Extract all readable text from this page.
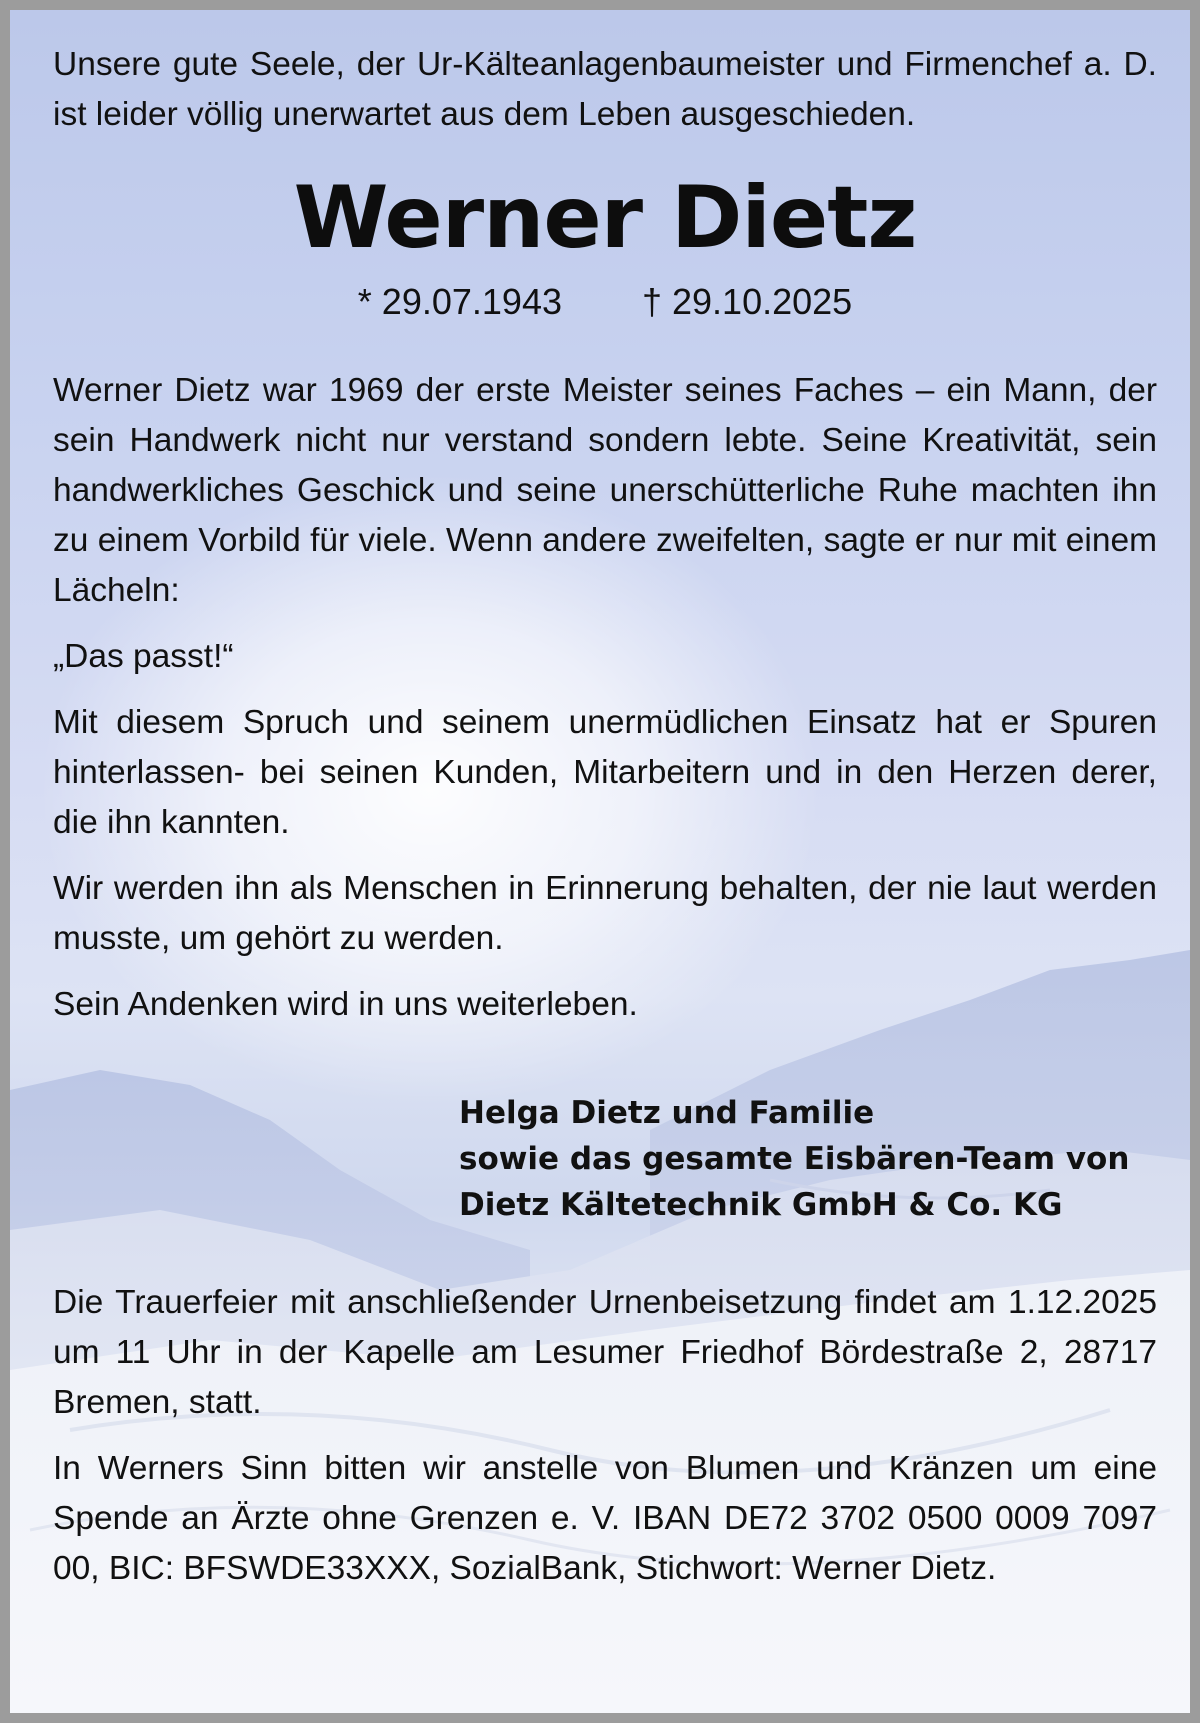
Unsere gute Seele, der Ur-Kälteanlagenbaumeister und Firmenchef a. D. ist leider völlig unerwartet aus dem Leben ausgeschieden.

Werner Dietz
* 29.07.1943 † 29.10.2025

Werner Dietz war 1969 der erste Meister seines Faches – ein Mann, der sein Handwerk nicht nur verstand sondern lebte. Seine Kreativität, sein handwerkliches Geschick und seine unerschütterliche Ruhe machten ihn zu einem Vorbild für viele. Wenn andere zweifelten, sagte er nur mit einem Lächeln:

„Das passt!“

Mit diesem Spruch und seinem unermüdlichen Einsatz hat er Spuren hinterlassen- bei seinen Kunden, Mitarbeitern und in den Herzen derer, die ihn kannten.

Wir werden ihn als Menschen in Erinnerung behalten, der nie laut werden musste, um gehört zu werden.

Sein Andenken wird in uns weiterleben.

Helga Dietz und Familie
sowie das gesamte Eisbären-Team von
Dietz Kältetechnik GmbH & Co. KG

Die Trauerfeier mit anschließender Urnenbeisetzung findet am 1.12.2025 um 11 Uhr in der Kapelle am Lesumer Friedhof Bördestraße 2, 28717 Bremen, statt.

In Werners Sinn bitten wir anstelle von Blumen und Kränzen um eine Spende an Ärzte ohne Grenzen e. V. IBAN DE72 3702 0500 0009 7097 00, BIC: BFSWDE33XXX, SozialBank, Stichwort: Werner Dietz.
